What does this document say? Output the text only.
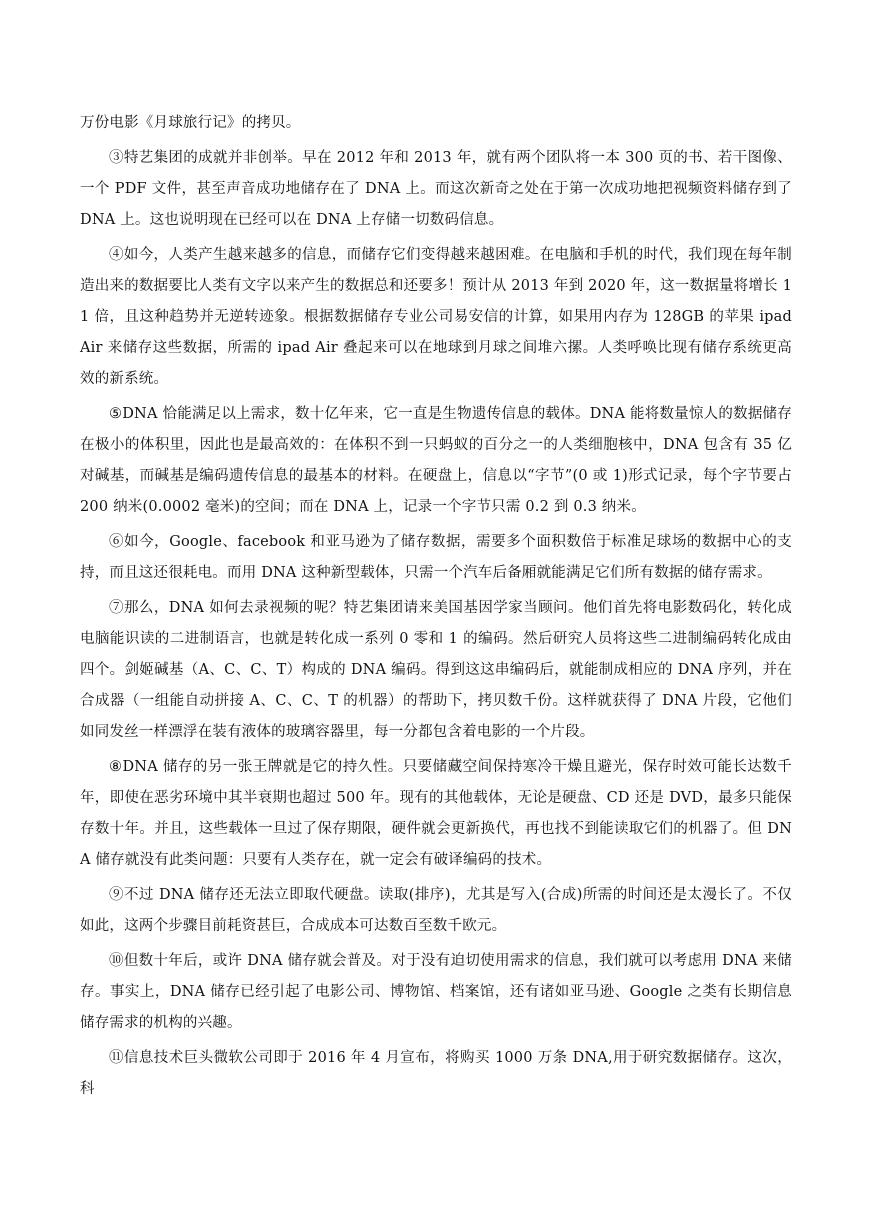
万份电影《月球旅行记》的拷贝。

③特艺集团的成就并非创举。早在 2012 年和 2013 年，就有两个团队将一本 300 页的书、若干图像、一个 PDF 文件，甚至声音成功地储存在了 DNA 上。而这次新奇之处在于第一次成功地把视频资料储存到了 DNA 上。这也说明现在已经可以在 DNA 上存储一切数码信息。

④如今，人类产生越来越多的信息，而储存它们变得越来越困难。在电脑和手机的时代，我们现在每年制造出来的数据要比人类有文字以来产生的数据总和还要多！预计从 2013 年到 2020 年，这一数据量将增长 11 倍，且这种趋势并无逆转迹象。根据数据储存专业公司易安信的计算，如果用内存为 128GB 的苹果 ipad Air 来储存这些数据，所需的 ipad Air 叠起来可以在地球到月球之间堆六摞。人类呼唤比现有储存系统更高效的新系统。

⑤DNA 恰能满足以上需求，数十亿年来，它一直是生物遗传信息的载体。DNA 能将数量惊人的数据储存在极小的体积里，因此也是最高效的：在体积不到一只蚂蚁的百分之一的人类细胞核中，DNA 包含有 35 亿对碱基，而碱基是编码遗传信息的最基本的材料。在硬盘上，信息以“字节”(0 或 1)形式记录，每个字节要占 200 纳米(0.0002 毫米)的空间；而在 DNA 上，记录一个字节只需 0.2 到 0.3 纳米。

⑥如今，Google、facebook 和亚马逊为了储存数据，需要多个面积数倍于标准足球场的数据中心的支持，而且这还很耗电。而用 DNA 这种新型载体，只需一个汽车后备厢就能满足它们所有数据的储存需求。

⑦那么，DNA 如何去录视频的呢？特艺集团请来美国基因学家当顾问。他们首先将电影数码化，转化成电脑能识读的二进制语言，也就是转化成一系列 0 零和 1 的编码。然后研究人员将这些二进制编码转化成由四个。剑姬碱基（A、C、C、T）构成的 DNA 编码。得到这这串编码后，就能制成相应的 DNA 序列，并在合成器（一组能自动拼接 A、C、C、T 的机器）的帮助下，拷贝数千份。这样就获得了 DNA 片段，它他们如同发丝一样漂浮在装有液体的玻璃容器里，每一分都包含着电影的一个片段。

⑧DNA 储存的另一张王牌就是它的持久性。只要储藏空间保持寒冷干燥且避光，保存时效可能长达数千年，即使在恶劣环境中其半衰期也超过 500 年。现有的其他载体，无论是硬盘、CD 还是 DVD，最多只能保存数十年。并且，这些载体一旦过了保存期限，硬件就会更新换代，再也找不到能读取它们的机器了。但 DNA 储存就没有此类问题：只要有人类存在，就一定会有破译编码的技术。

⑨不过 DNA 储存还无法立即取代硬盘。读取(排序)，尤其是写入(合成)所需的时间还是太漫长了。不仅如此，这两个步骤目前耗资甚巨，合成成本可达数百至数千欧元。

⑩但数十年后，或许 DNA 储存就会普及。对于没有迫切使用需求的信息，我们就可以考虑用 DNA 来储存。事实上，DNA 储存已经引起了电影公司、博物馆、档案馆，还有诸如亚马逊、Google 之类有长期信息储存需求的机构的兴趣。

⑪信息技术巨头微软公司即于 2016 年 4 月宣布，将购买 1000 万条 DNA,用于研究数据储存。这次，科
